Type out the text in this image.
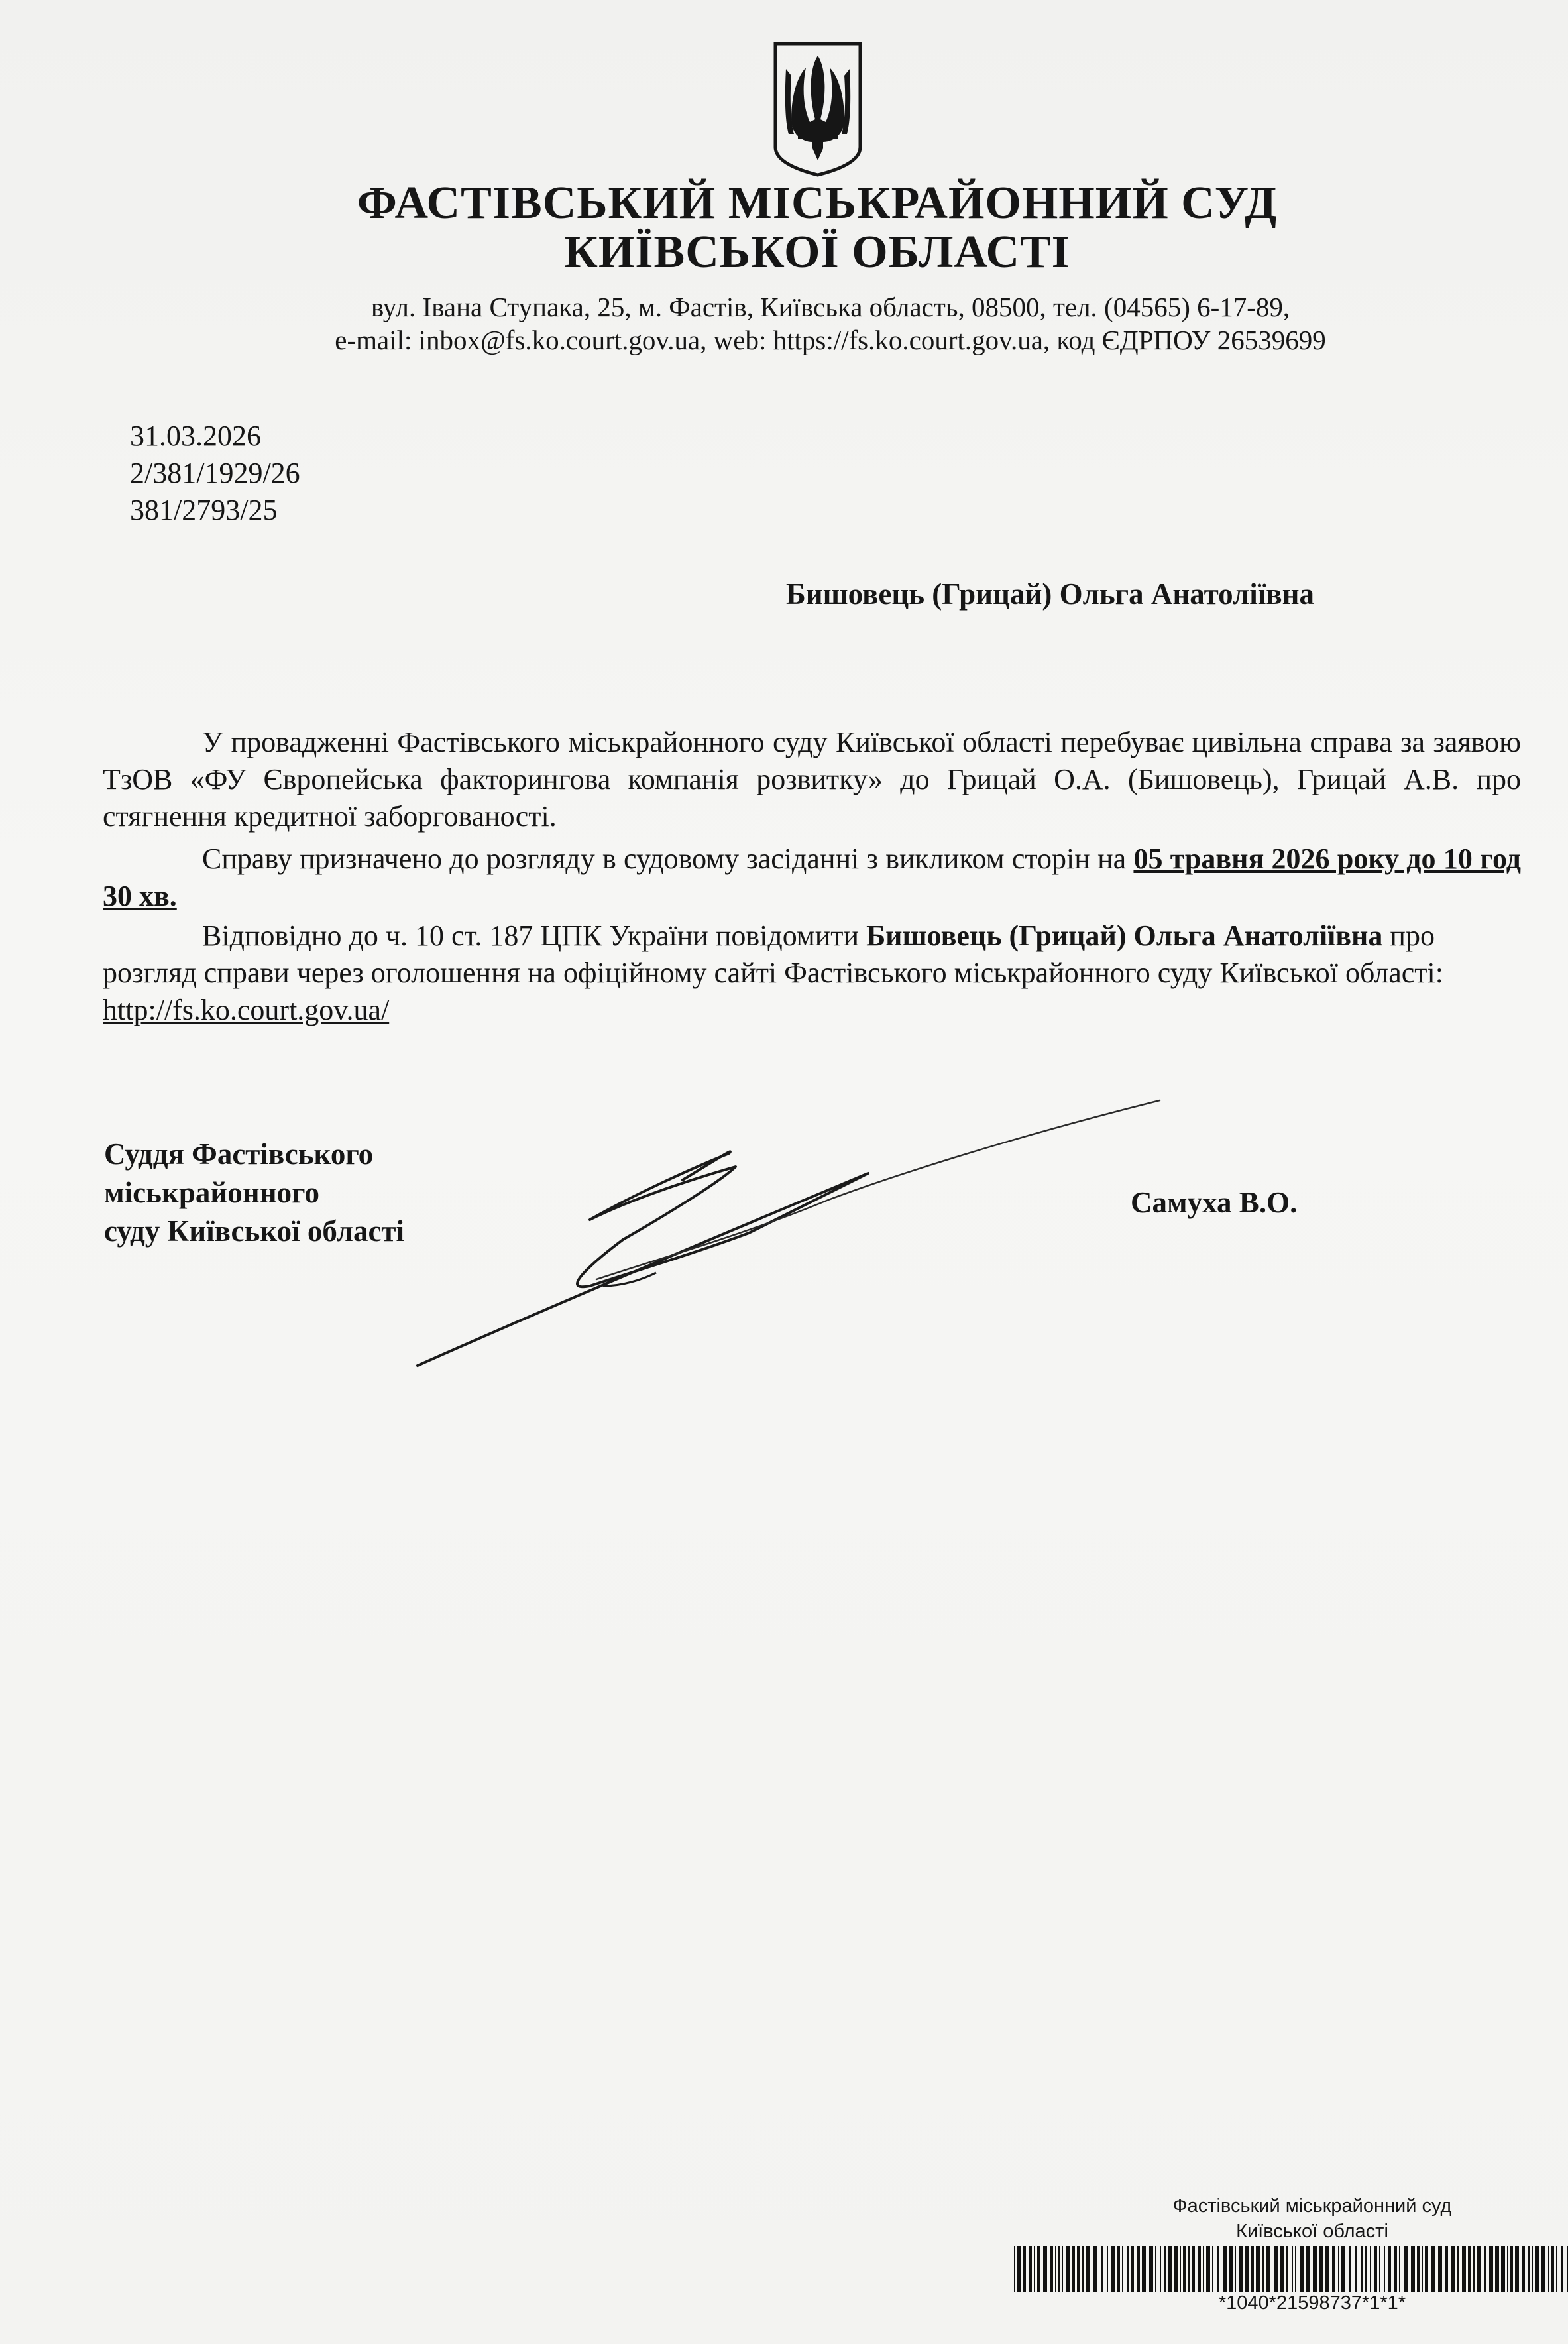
ФАСТІВСЬКИЙ МІСЬКРАЙОННИЙ СУД
КИЇВСЬКОЇ ОБЛАСТІ
вул. Івана Ступака, 25, м. Фастів, Київська область, 08500, тел. (04565) 6-17-89,
e-mail: inbox@fs.ko.court.gov.ua, web: https://fs.ko.court.gov.ua, код ЄДРПОУ 26539699
31.03.2026
2/381/1929/26
381/2793/25
Бишовець (Грицай) Ольга Анатоліївна
У провадженні Фастівського міськрайонного суду Київської області перебуває цивільна справа за заявою ТзОВ «ФУ Європейська факторингова компанія розвитку» до Грицай О.А. (Бишовець), Грицай А.В. про стягнення кредитної заборгованості.
Справу призначено до розгляду в судовому засіданні з викликом сторін на 05 травня 2026 року до 10 год 30 хв.
Відповідно до ч. 10 ст. 187 ЦПК України повідомити Бишовець (Грицай) Ольга Анатоліївна про розгляд справи через оголошення на офіційному сайті Фастівського міськрайонного суду Київської області: http://fs.ko.court.gov.ua/
Суддя Фастівського
міськрайонного
суду Київської області
Самуха В.О.
Фастівський міськрайонний суд
Київської області
*1040*21598737*1*1*
